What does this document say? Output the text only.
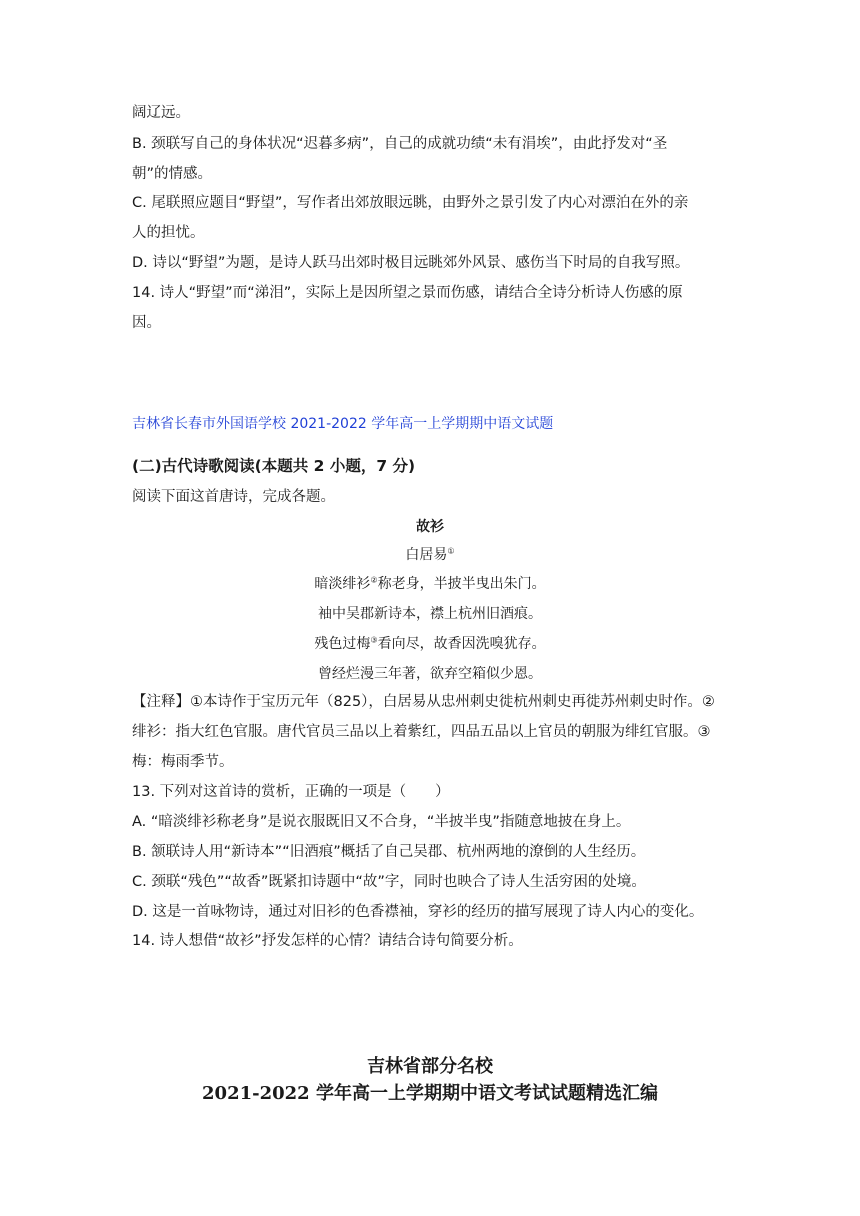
阔辽远。
B. 颈联写自己的身体状况“迟暮多病”，自己的成就功绩“未有涓埃”，由此抒发对“圣
朝”的情感。
C. 尾联照应题目“野望”，写作者出郊放眼远眺，由野外之景引发了内心对漂泊在外的亲
人的担忧。
D. 诗以“野望”为题，是诗人跃马出郊时极目远眺郊外风景、感伤当下时局的自我写照。
14. 诗人“野望”而“涕泪”，实际上是因所望之景而伤感，请结合全诗分析诗人伤感的原
因。
吉林省长春市外国语学校 2021-2022 学年高一上学期期中语文试题
(二)古代诗歌阅读(本题共 2 小题，7 分)
阅读下面这首唐诗，完成各题。
故衫
白居易①
暗淡绯衫②称老身，半披半曳出朱门。
袖中吴郡新诗本，襟上杭州旧酒痕。
残色过梅③看向尽，故香因洗嗅犹存。
曾经烂漫三年著，欲弃空箱似少恩。
【注释】①本诗作于宝历元年（825），白居易从忠州刺史徙杭州刺史再徙苏州刺史时作。②
绯衫：指大红色官服。唐代官员三品以上着紫红，四品五品以上官员的朝服为绯红官服。③
梅：梅雨季节。
13. 下列对这首诗的赏析，正确的一项是（　　）
A. “暗淡绯衫称老身”是说衣服既旧又不合身，“半披半曳”指随意地披在身上。
B. 颔联诗人用“新诗本”“旧酒痕”概括了自己吴郡、杭州两地的潦倒的人生经历。
C. 颈联“残色”“故香”既紧扣诗题中“故”字，同时也映合了诗人生活穷困的处境。
D. 这是一首咏物诗，通过对旧衫的色香襟袖，穿衫的经历的描写展现了诗人内心的变化。
14. 诗人想借“故衫”抒发怎样的心情？请结合诗句简要分析。
吉林省部分名校
2021-2022 学年高一上学期期中语文考试试题精选汇编
